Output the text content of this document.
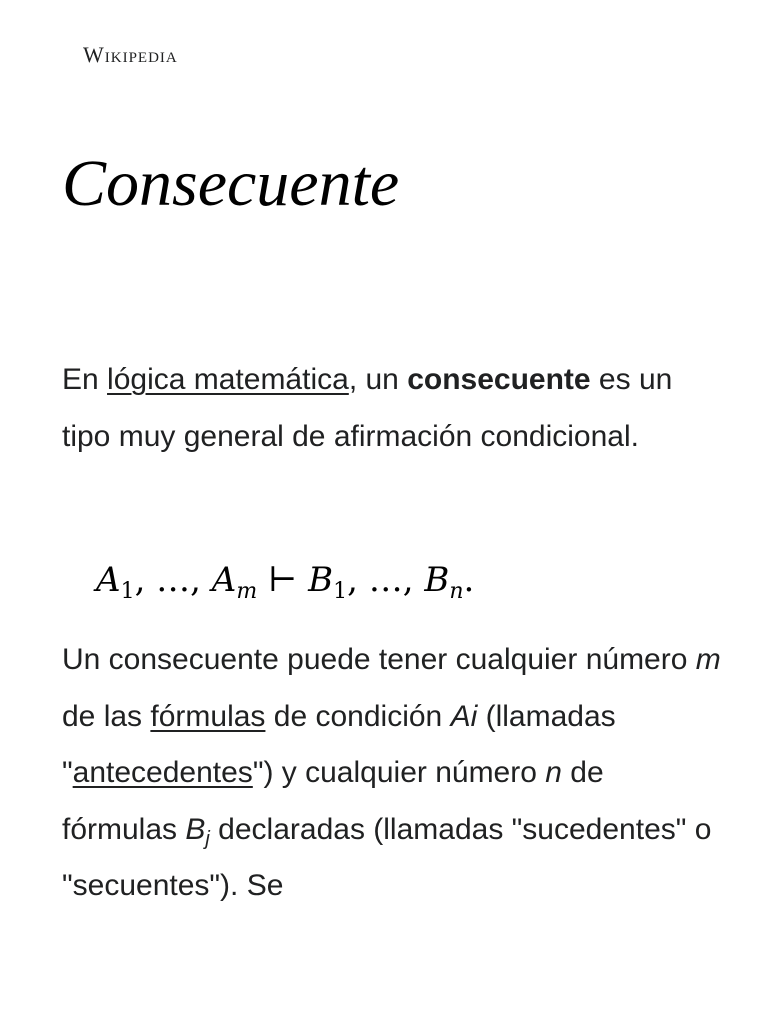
Wikipedia
Consecuente

En lógica matemática, un consecuente es un tipo muy general de afirmación condicional.

$A_1$, …, $A_m$ ⊢ $B_1$, …, $B_n$.

Un consecuente puede tener cualquier número m de las fórmulas de condición Ai (llamadas "antecedentes") y cualquier número n de fórmulas $B_j$ declaradas (llamadas "sucedentes" o "secuentes"). Se
